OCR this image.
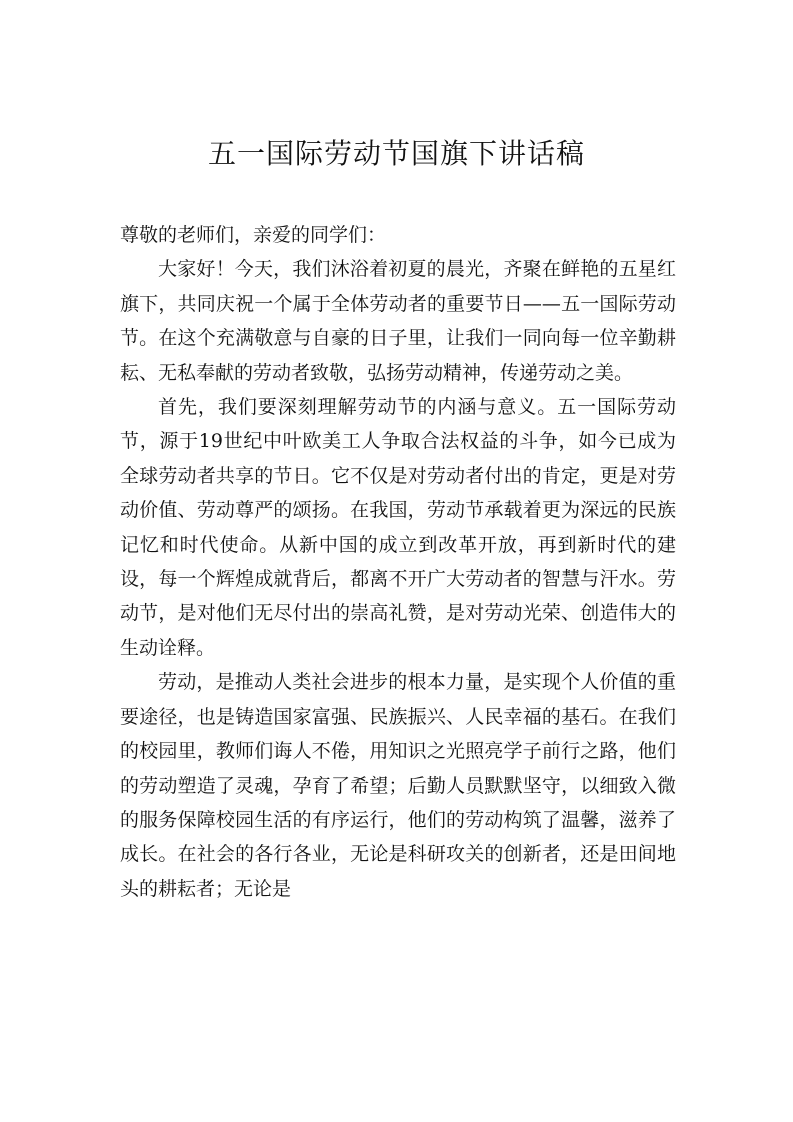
五一国际劳动节国旗下讲话稿

尊敬的老师们，亲爱的同学们：

大家好！今天，我们沐浴着初夏的晨光，齐聚在鲜艳的五星红旗下，共同庆祝一个属于全体劳动者的重要节日——五一国际劳动节。在这个充满敬意与自豪的日子里，让我们一同向每一位辛勤耕耘、无私奉献的劳动者致敬，弘扬劳动精神，传递劳动之美。

首先，我们要深刻理解劳动节的内涵与意义。五一国际劳动节，源于19世纪中叶欧美工人争取合法权益的斗争，如今已成为全球劳动者共享的节日。它不仅是对劳动者付出的肯定，更是对劳动价值、劳动尊严的颂扬。在我国，劳动节承载着更为深远的民族记忆和时代使命。从新中国的成立到改革开放，再到新时代的建设，每一个辉煌成就背后，都离不开广大劳动者的智慧与汗水。劳动节，是对他们无尽付出的崇高礼赞，是对劳动光荣、创造伟大的生动诠释。

劳动，是推动人类社会进步的根本力量，是实现个人价值的重要途径，也是铸造国家富强、民族振兴、人民幸福的基石。在我们的校园里，教师们诲人不倦，用知识之光照亮学子前行之路，他们的劳动塑造了灵魂，孕育了希望；后勤人员默默坚守，以细致入微的服务保障校园生活的有序运行，他们的劳动构筑了温馨，滋养了成长。在社会的各行各业，无论是科研攻关的创新者，还是田间地头的耕耘者；无论是
